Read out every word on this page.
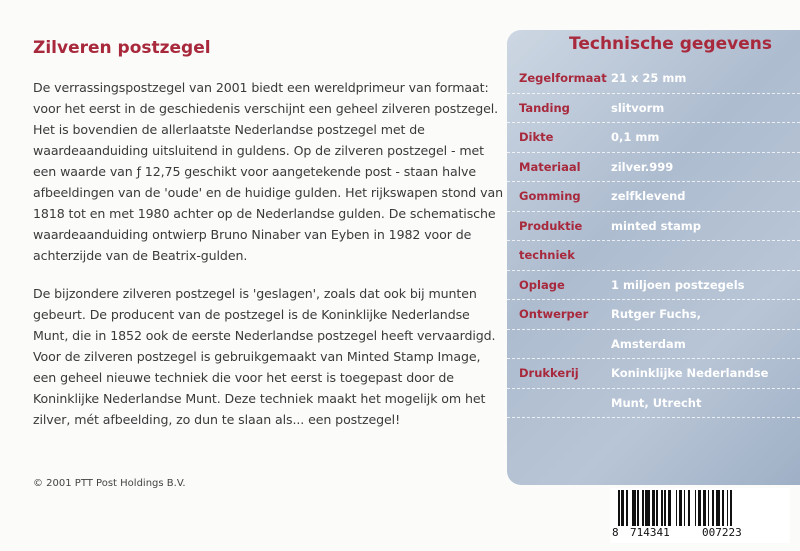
Zilveren postzegel

De verrassingspostzegel van 2001 biedt een wereldprimeur van formaat: voor het eerst in de geschiedenis verschijnt een geheel zilveren postzegel. Het is bovendien de allerlaatste Nederlandse postzegel met de waardeaanduiding uitsluitend in guldens. Op de zilveren postzegel - met een waarde van ƒ 12,75 geschikt voor aangetekende post - staan halve afbeeldingen van de 'oude' en de huidige gulden. Het rijkswapen stond van 1818 tot en met 1980 achter op de Nederlandse gulden. De schematische waardeaanduiding ontwierp Bruno Ninaber van Eyben in 1982 voor de achterzijde van de Beatrix-gulden.

De bijzondere zilveren postzegel is 'geslagen', zoals dat ook bij munten gebeurt. De producent van de postzegel is de Koninklijke Nederlandse Munt, die in 1852 ook de eerste Nederlandse postzegel heeft vervaardigd. Voor de zilveren postzegel is gebruikgemaakt van Minted Stamp Image, een geheel nieuwe techniek die voor het eerst is toegepast door de Koninklijke Nederlandse Munt. Deze techniek maakt het mogelijk om het zilver, mét afbeelding, zo dun te slaan als... een postzegel!

© 2001 PTT Post Holdings B.V.
Technische gegevens
Zegelformaat 21 x 25 mm
Tanding	slitvorm
Dikte	0,1 mm
Materiaal	zilver.999
Gomming	zelfklevend
Produktie minted stamp
techniek
Oplage	1 miljoen postzegels
Ontwerper Rutger Fuchs,
Amsterdam
Drukkerij	Koninklijke Nederlandse
Munt, Utrecht
8 714341	007223
